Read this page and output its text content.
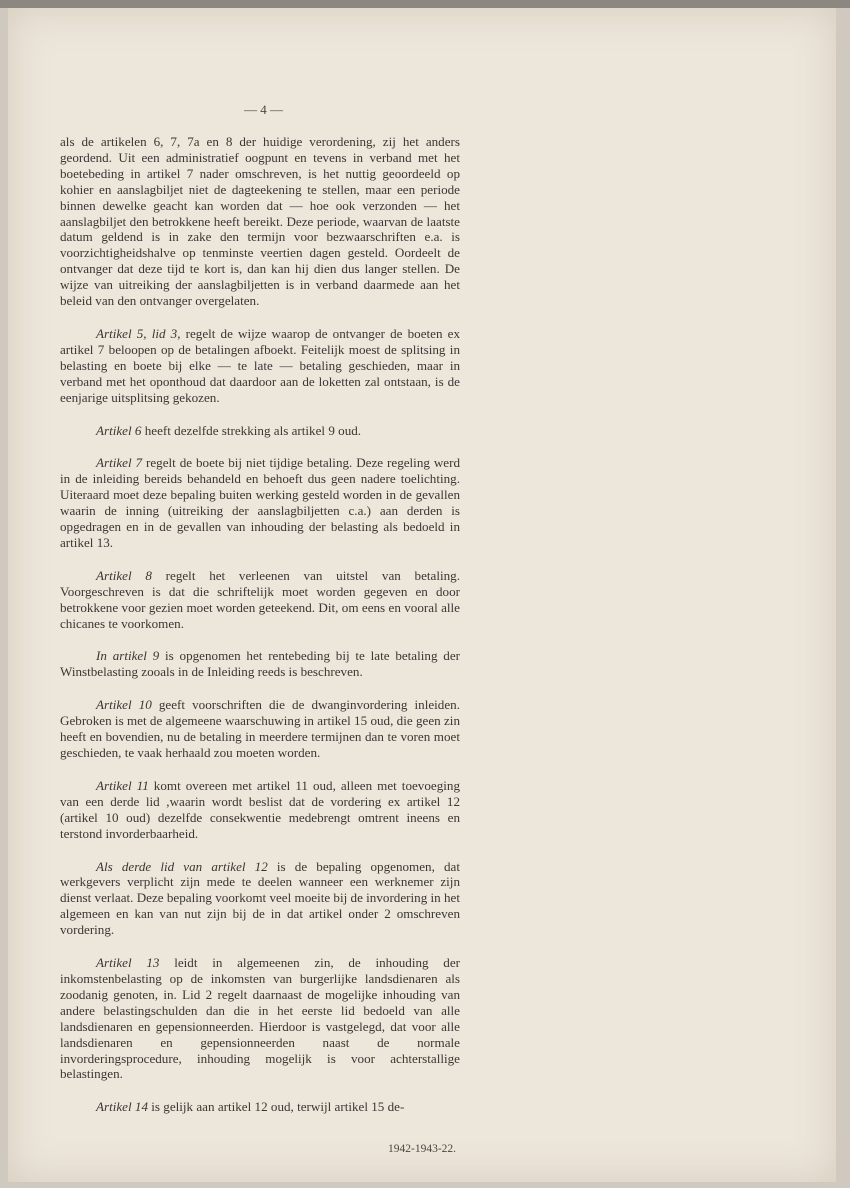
— 4 —

als de artikelen 6, 7, 7a en 8 der huidige verordening, zij het anders geordend. Uit een administratief oogpunt en tevens in verband met het boetebeding in artikel 7 nader omschreven, is het nuttig geoordeeld op kohier en aanslagbiljet niet de dagteekening te stellen, maar een periode binnen dewelke geacht kan worden dat — hoe ook verzonden — het aanslagbiljet den betrokkene heeft bereikt. Deze periode, waarvan de laatste datum geldend is in zake den termijn voor bezwaarschriften e.a. is voorzichtigheidshalve op tenminste veertien dagen gesteld. Oordeelt de ontvanger dat deze tijd te kort is, dan kan hij dien dus langer stellen. De wijze van uitreiking der aanslagbiljetten is in verband daarmede aan het beleid van den ontvanger overgelaten.

Artikel 5, lid 3, regelt de wijze waarop de ontvanger de boeten ex artikel 7 beloopen op de betalingen afboekt. Feitelijk moest de splitsing in belasting en boete bij elke — te late — betaling geschieden, maar in verband met het oponthoud dat daardoor aan de loketten zal ontstaan, is de eenjarige uitsplitsing gekozen.

Artikel 6 heeft dezelfde strekking als artikel 9 oud.

Artikel 7 regelt de boete bij niet tijdige betaling. Deze regeling werd in de inleiding bereids behandeld en behoeft dus geen nadere toelichting. Uiteraard moet deze bepaling buiten werking gesteld worden in de gevallen waarin de inning (uitreiking der aanslagbiljetten c.a.) aan derden is opgedragen en in de gevallen van inhouding der belasting als bedoeld in artikel 13.

Artikel 8 regelt het verleenen van uitstel van betaling. Voorgeschreven is dat die schriftelijk moet worden gegeven en door betrokkene voor gezien moet worden geteekend. Dit, om eens en vooral alle chicanes te voorkomen.

In artikel 9 is opgenomen het rentebeding bij te late betaling der Winstbelasting zooals in de Inleiding reeds is beschreven.

Artikel 10 geeft voorschriften die de dwanginvordering inleiden. Gebroken is met de algemeene waarschuwing in artikel 15 oud, die geen zin heeft en bovendien, nu de betaling in meerdere termijnen dan te voren moet geschieden, te vaak herhaald zou moeten worden.

Artikel 11 komt overeen met artikel 11 oud, alleen met toevoeging van een derde lid ,waarin wordt beslist dat de vordering ex artikel 12 (artikel 10 oud) dezelfde consekwentie medebrengt omtrent ineens en terstond invorderbaarheid.

Als derde lid van artikel 12 is de bepaling opgenomen, dat werkgevers verplicht zijn mede te deelen wanneer een werknemer zijn dienst verlaat. Deze bepaling voorkomt veel moeite bij de invordering in het algemeen en kan van nut zijn bij de in dat artikel onder 2 omschreven vordering.

Artikel 13 leidt in algemeenen zin, de inhouding der inkomstenbelasting op de inkomsten van burgerlijke landsdienaren als zoodanig genoten, in. Lid 2 regelt daarnaast de mogelijke inhouding van andere belastingschulden dan die in het eerste lid bedoeld van alle landsdienaren en gepensionneerden. Hierdoor is vastgelegd, dat voor alle landsdienaren en gepensionneerden naast de normale invorderingsprocedure, inhouding mogelijk is voor achterstallige belastingen.

Artikel 14 is gelijk aan artikel 12 oud, terwijl artikel 15 de-

1942-1943-22.
